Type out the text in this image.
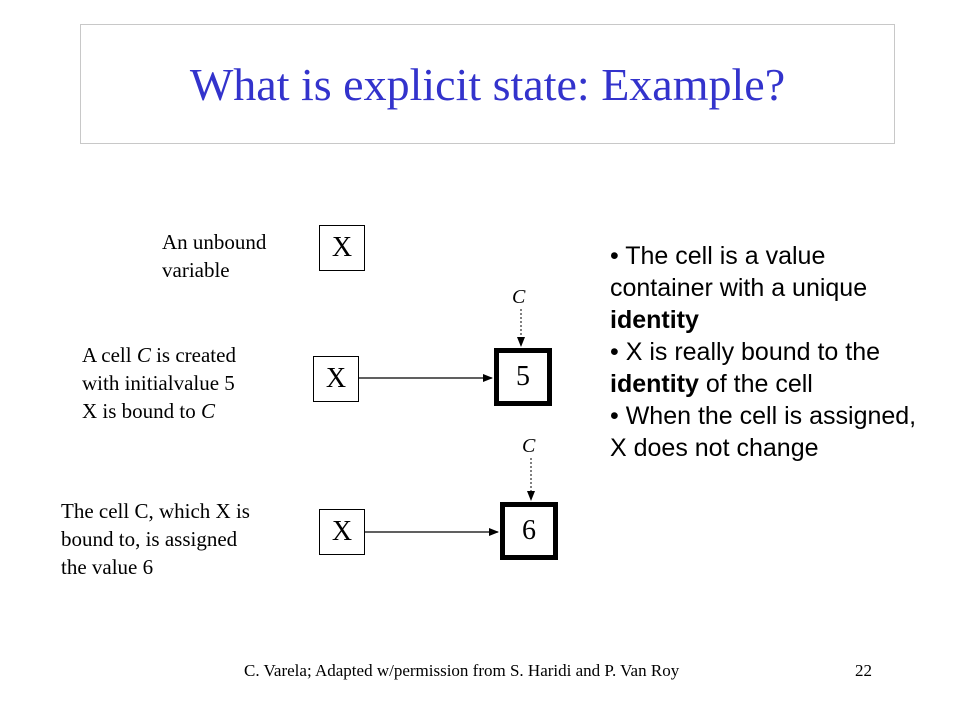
What is explicit state: Example?
An unbound
variable
X
A cell C is created
with initialvalue 5
X is bound to C
X
C
5
The cell C, which X is
bound to, is assigned
the value 6
X
C
6

• The cell is a value container with a unique identity

• X is really bound to the identity of the cell

• When the cell is assigned, X does not change

C. Varela; Adapted w/permission from S. Haridi and P. Van Roy	22
